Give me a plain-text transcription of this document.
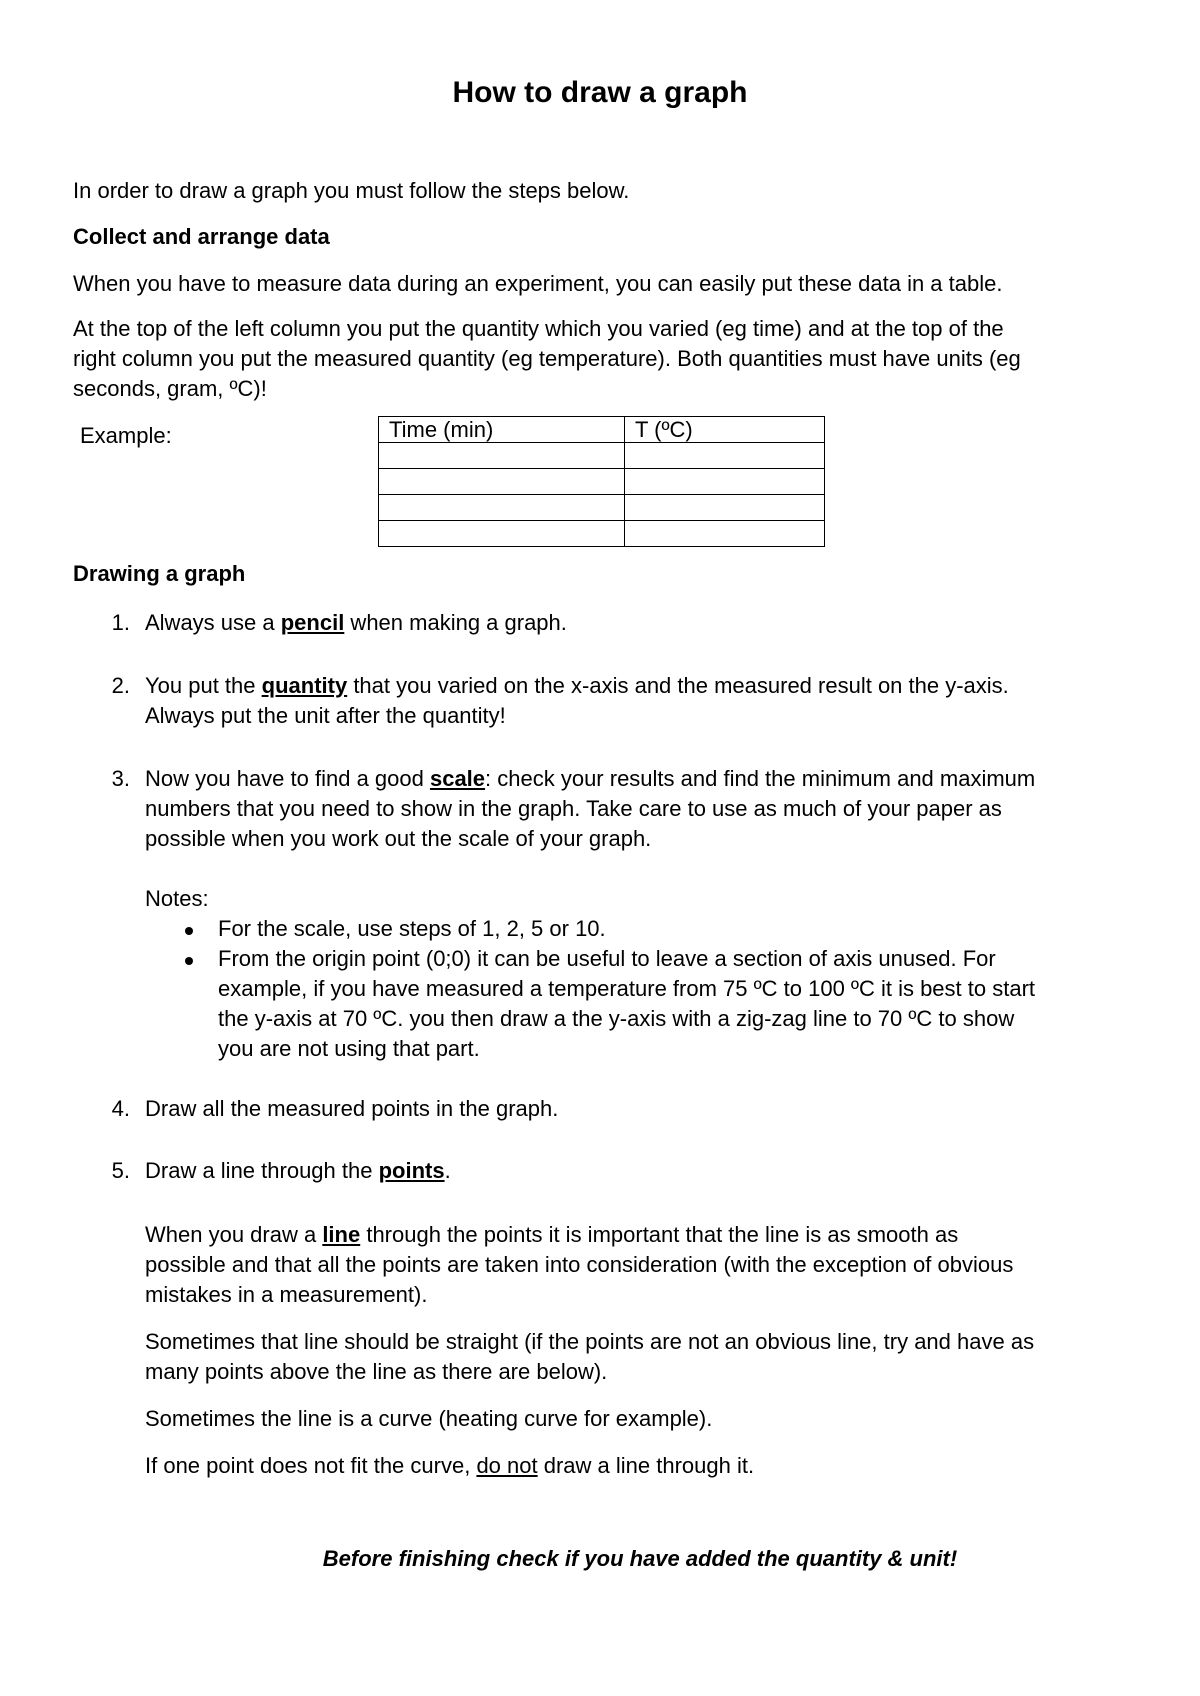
How to draw a graph
In order to draw a graph you must follow the steps below.
Collect and arrange data
When you have to measure data during an experiment, you can easily put these data in a table.
At the top of the left column you put the quantity which you varied (eg time) and at the top of the
right column you put the measured quantity (eg temperature). Both quantities must have units (eg
seconds, gram, ºC)!
Example:	Time (min)	T (ºC)

Drawing a graph
1. Always use a pencil when making a graph.
2. You put the quantity that you varied on the x-axis and the measured result on the y-axis.
Always put the unit after the quantity!
3. Now you have to find a good scale: check your results and find the minimum and maximum
numbers that you need to show in the graph. Take care to use as much of your paper as
possible when you work out the scale of your graph.
Notes:
For the scale, use steps of 1, 2, 5 or 10.
From the origin point (0;0) it can be useful to leave a section of axis unused. For
example, if you have measured a temperature from 75 ºC to 100 ºC it is best to start
the y-axis at 70 ºC. you then draw a the y-axis with a zig-zag line to 70 ºC to show
you are not using that part.
4. Draw all the measured points in the graph.
5. Draw a line through the points.
When you draw a line through the points it is important that the line is as smooth as
possible and that all the points are taken into consideration (with the exception of obvious
mistakes in a measurement).
Sometimes that line should be straight (if the points are not an obvious line, try and have as
many points above the line as there are below).
Sometimes the line is a curve (heating curve for example).
If one point does not fit the curve, do not draw a line through it.
Before finishing check if you have added the quantity & unit!
